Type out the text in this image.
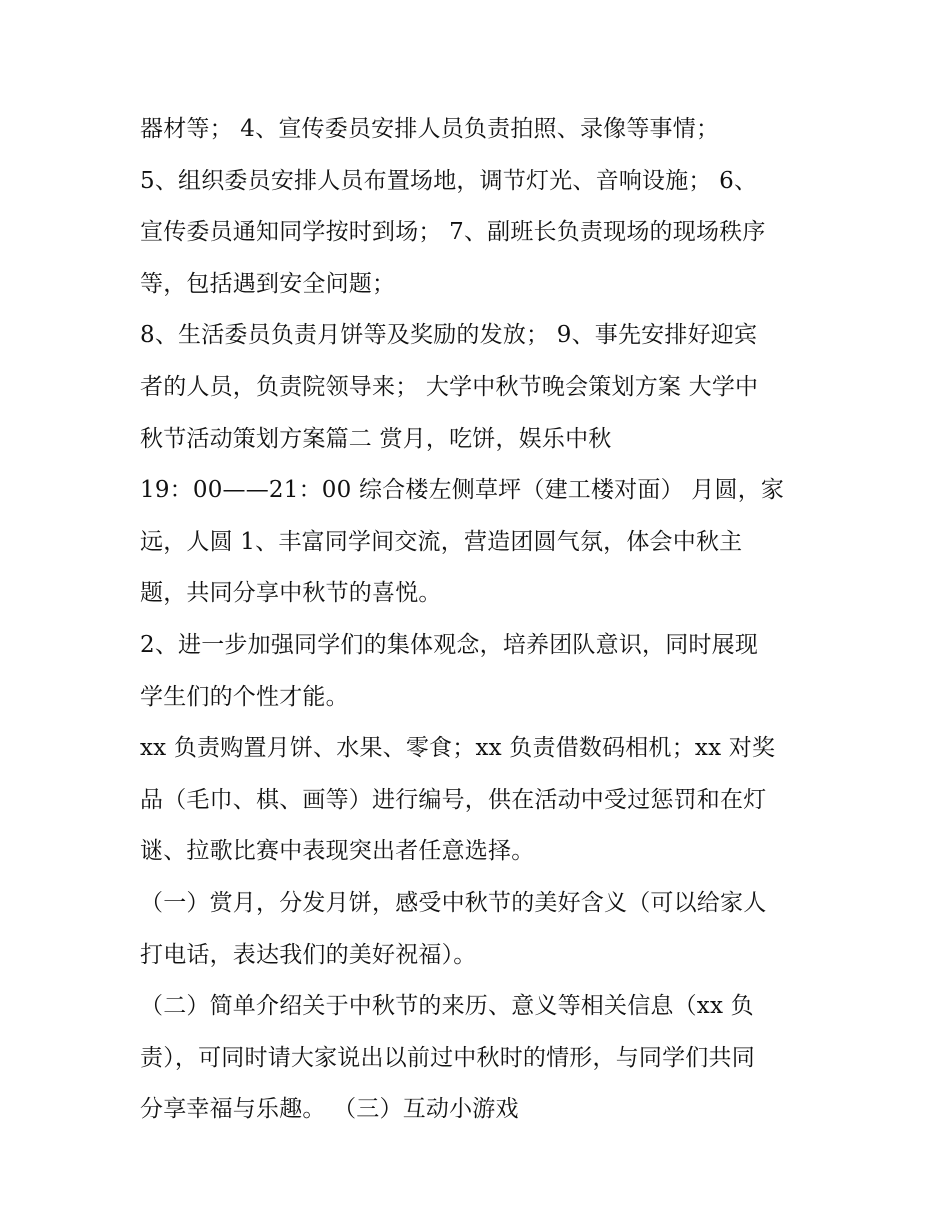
器材等； 4、宣传委员安排人员负责拍照、录像等事情；
5、组织委员安排人员布置场地，调节灯光、音响设施； 6、
宣传委员通知同学按时到场； 7、副班长负责现场的现场秩序
等，包括遇到安全问题；
8、生活委员负责月饼等及奖励的发放； 9、事先安排好迎宾
者的人员，负责院领导来； 大学中秋节晚会策划方案 大学中
秋节活动策划方案篇二 赏月，吃饼，娱乐中秋
19：00——21：00 综合楼左侧草坪（建工楼对面） 月圆，家
远，人圆 1、丰富同学间交流，营造团圆气氛，体会中秋主
题，共同分享中秋节的喜悦。
2、进一步加强同学们的集体观念，培养团队意识，同时展现
学生们的个性才能。
xx 负责购置月饼、水果、零食；xx 负责借数码相机；xx 对奖
品（毛巾、棋、画等）进行编号，供在活动中受过惩罚和在灯
谜、拉歌比赛中表现突出者任意选择。
（一）赏月，分发月饼，感受中秋节的美好含义（可以给家人
打电话，表达我们的美好祝福）。
（二）简单介绍关于中秋节的来历、意义等相关信息（xx 负
责），可同时请大家说出以前过中秋时的情形，与同学们共同
分享幸福与乐趣。 （三）互动小游戏
